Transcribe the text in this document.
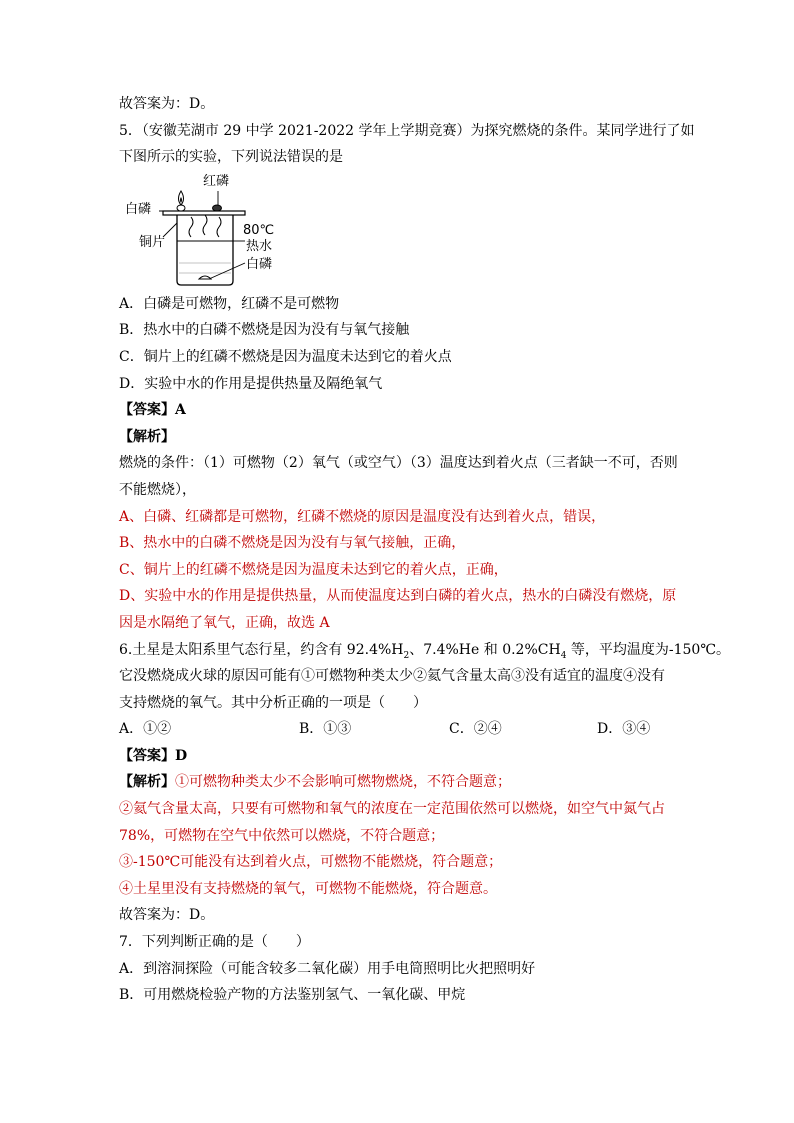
故答案为：D。
5．（安徽芜湖市 29 中学 2021-2022 学年上学期竞赛）为探究燃烧的条件。某同学进行了如
下图所示的实验，下列说法错误的是
红磷
白磷
80℃
铜片	热水
白磷
A．白磷是可燃物，红磷不是可燃物
B．热水中的白磷不燃烧是因为没有与氧气接触
C．铜片上的红磷不燃烧是因为温度未达到它的着火点
D．实验中水的作用是提供热量及隔绝氧气
【答案】A
【解析】
燃烧的条件：（1）可燃物（2）氧气（或空气）（3）温度达到着火点（三者缺一不可，否则
不能燃烧），
A、白磷、红磷都是可燃物，红磷不燃烧的原因是温度没有达到着火点，错误，
B、热水中的白磷不燃烧是因为没有与氧气接触，正确，
C、铜片上的红磷不燃烧是因为温度未达到它的着火点，正确，
D、实验中水的作用是提供热量，从而使温度达到白磷的着火点，热水的白磷没有燃烧，原
因是水隔绝了氧气，正确，故选 A
6.土星是太阳系里气态行星，约含有 $92.4\%H_2$、7.4%He 和 $0.2\%CH_4$ 等，平均温度为-150℃。
它没燃烧成火球的原因可能有①可燃物种类太少②氦气含量太高③没有适宜的温度④没有
支持燃烧的氧气。其中分析正确的一项是（　　）
A．①②	B．①③	C．②④	D．③④
【答案】D
【解析】①可燃物种类太少不会影响可燃物燃烧，不符合题意；
②氦气含量太高，只要有可燃物和氧气的浓度在一定范围依然可以燃烧，如空气中氮气占
78%，可燃物在空气中依然可以燃烧，不符合题意；
③-150℃可能没有达到着火点，可燃物不能燃烧，符合题意；
④土星里没有支持燃烧的氧气，可燃物不能燃烧，符合题意。
故答案为：D。
7．下列判断正确的是（　　）
A．到溶洞探险（可能含较多二氧化碳）用手电筒照明比火把照明好
B．可用燃烧检验产物的方法鉴别氢气、一氧化碳、甲烷
